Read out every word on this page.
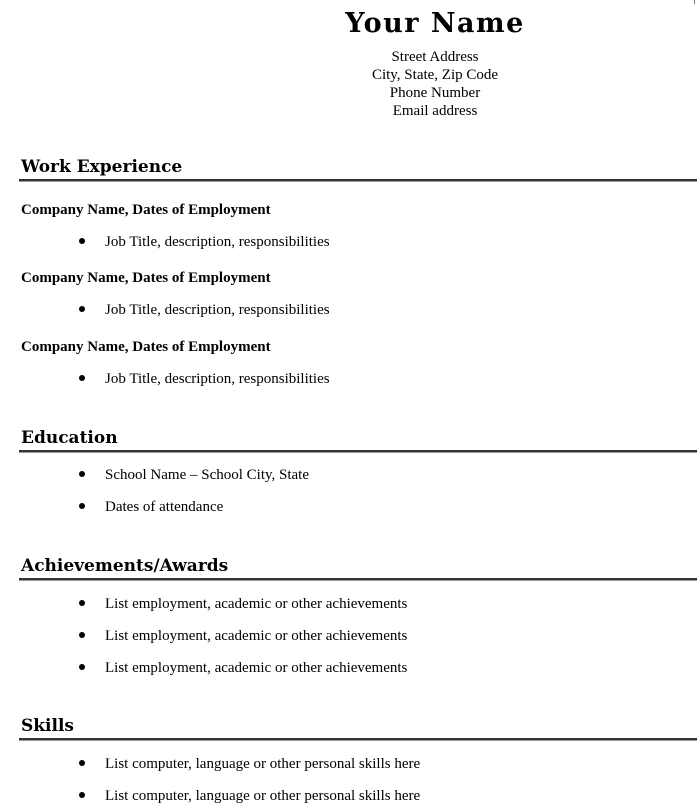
Your Name
Street Address
City, State, Zip Code
Phone Number
Email address
Work Experience
Company Name, Dates of Employment
Job Title, description, responsibilities
Company Name, Dates of Employment
Job Title, description, responsibilities
Company Name, Dates of Employment
Job Title, description, responsibilities
Education
School Name – School City, State
Dates of attendance
Achievements/Awards
List employment, academic or other achievements
List employment, academic or other achievements
List employment, academic or other achievements
Skills
List computer, language or other personal skills here
List computer, language or other personal skills here
